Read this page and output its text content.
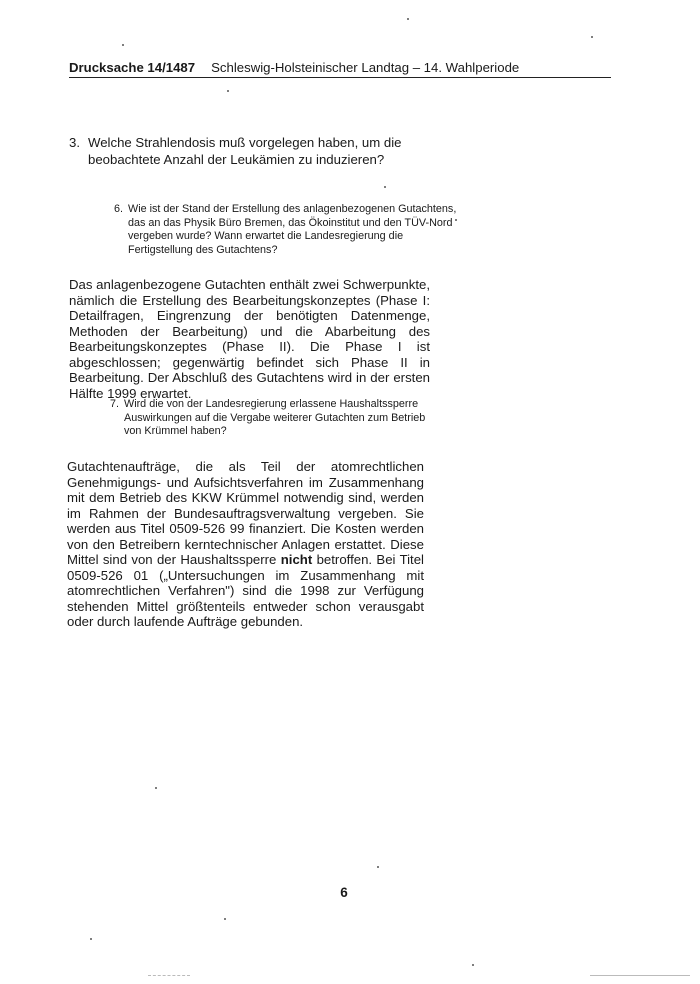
Drucksache 14/1487 Schleswig-Holsteinischer Landtag – 14. Wahlperiode
3. Welche Strahlendosis muß vorgelegen haben, um die beobachtete Anzahl der Leukämien zu induzieren?
6. Wie ist der Stand der Erstellung des anlagenbezogenen Gutachtens, das an das Physik Büro Bremen, das Ökoinstitut und den TÜV-Nord vergeben wurde? Wann erwartet die Landesregierung die Fertigstellung des Gutachtens?
Das anlagenbezogene Gutachten enthält zwei Schwerpunkte, nämlich die Erstellung des Bearbeitungskonzeptes (Phase I: Detailfragen, Eingrenzung der benötigten Datenmenge, Methoden der Bearbeitung) und die Abarbeitung des Bearbeitungskonzeptes (Phase II). Die Phase I ist abgeschlossen; gegenwärtig befindet sich Phase II in Bearbeitung. Der Abschluß des Gutachtens wird in der ersten Hälfte 1999 erwartet.
7. Wird die von der Landesregierung erlassene Haushaltssperre Auswirkungen auf die Vergabe weiterer Gutachten zum Betrieb von Krümmel haben?
Gutachtenaufträge, die als Teil der atomrechtlichen Genehmigungs- und Aufsichtsverfahren im Zusammenhang mit dem Betrieb des KKW Krümmel notwendig sind, werden im Rahmen der Bundesauftragsverwaltung vergeben. Sie werden aus Titel 0509-526 99 finanziert. Die Kosten werden von den Betreibern kerntechnischer Anlagen erstattet. Diese Mittel sind von der Haushaltssperre nicht betroffen. Bei Titel 0509-526 01 („Untersuchungen im Zusammenhang mit atomrechtlichen Verfahren") sind die 1998 zur Verfügung stehenden Mittel größtenteils entweder schon verausgabt oder durch laufende Aufträge gebunden.
6
